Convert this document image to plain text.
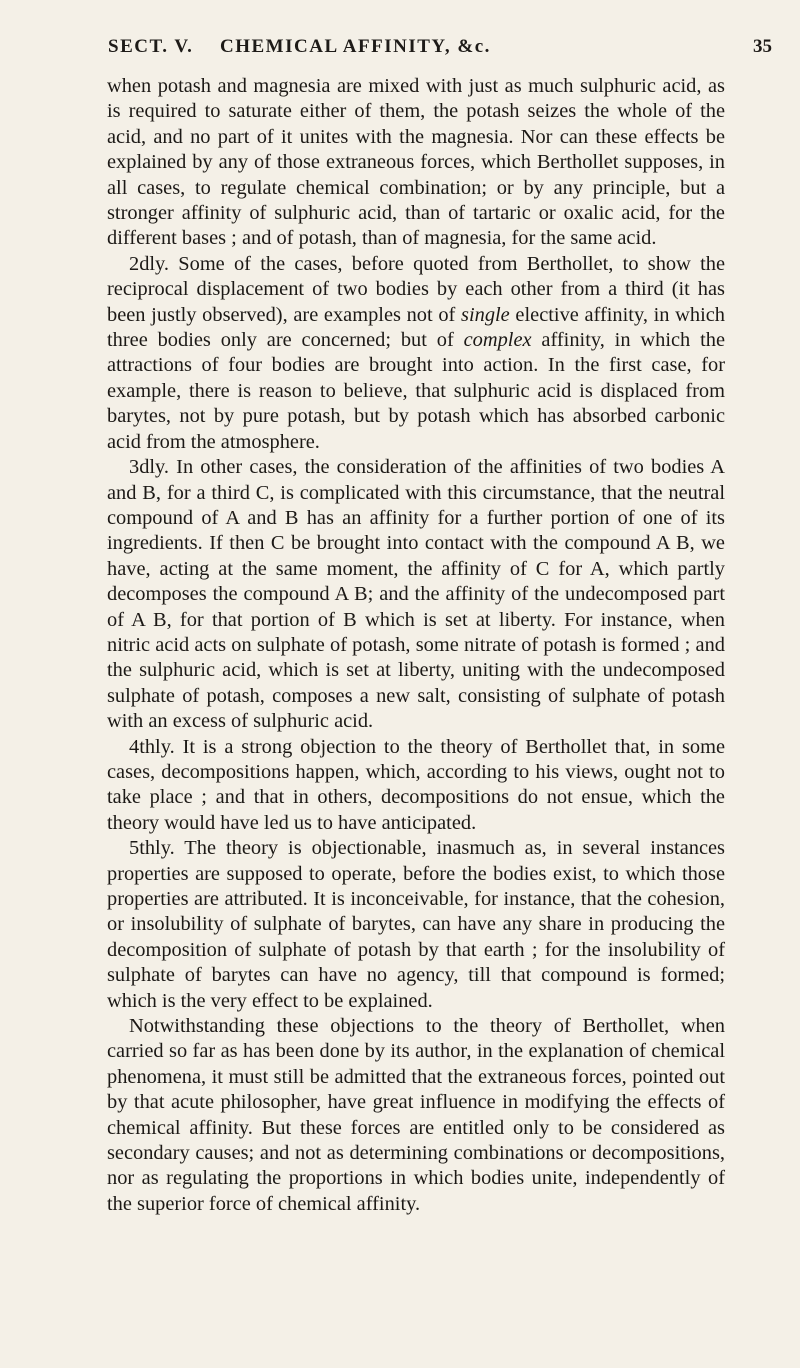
SECT. V. CHEMICAL AFFINITY, &c.	35

when potash and magnesia are mixed with just as much sulphuric acid, as is required to saturate either of them, the potash seizes the whole of the acid, and no part of it unites with the magnesia. Nor can these effects be explained by any of those extraneous forces, which Berthollet supposes, in all cases, to regulate chemical combination; or by any principle, but a stronger affinity of sulphuric acid, than of tartaric or oxalic acid, for the different bases ; and of potash, than of magnesia, for the same acid.

2dly. Some of the cases, before quoted from Berthollet, to show the reciprocal displacement of two bodies by each other from a third (it has been justly observed), are examples not of single elective affinity, in which three bodies only are concerned; but of complex affinity, in which the attractions of four bodies are brought into action. In the first case, for example, there is reason to believe, that sulphuric acid is displaced from barytes, not by pure potash, but by potash which has absorbed carbonic acid from the atmosphere.

3dly. In other cases, the consideration of the affinities of two bodies A and B, for a third C, is complicated with this circumstance, that the neutral compound of A and B has an affinity for a further portion of one of its ingredients. If then C be brought into contact with the compound A B, we have, acting at the same moment, the affinity of C for A, which partly decomposes the compound A B; and the affinity of the undecomposed part of A B, for that portion of B which is set at liberty. For instance, when nitric acid acts on sulphate of potash, some nitrate of potash is formed ; and the sulphuric acid, which is set at liberty, uniting with the undecomposed sulphate of potash, composes a new salt, consisting of sulphate of potash with an excess of sulphuric acid.

4thly. It is a strong objection to the theory of Berthollet that, in some cases, decompositions happen, which, according to his views, ought not to take place ; and that in others, decompositions do not ensue, which the theory would have led us to have anticipated.

5thly. The theory is objectionable, inasmuch as, in several instances properties are supposed to operate, before the bodies exist, to which those properties are attributed. It is inconceivable, for instance, that the cohesion, or insolubility of sulphate of barytes, can have any share in producing the decomposition of sulphate of potash by that earth ; for the insolubility of sulphate of barytes can have no agency, till that compound is formed; which is the very effect to be explained.

Notwithstanding these objections to the theory of Berthollet, when carried so far as has been done by its author, in the explanation of chemical phenomena, it must still be admitted that the extraneous forces, pointed out by that acute philosopher, have great influence in modifying the effects of chemical affinity. But these forces are entitled only to be considered as secondary causes; and not as determining combinations or decompositions, nor as regulating the proportions in which bodies unite, independently of the superior force of chemical affinity.
